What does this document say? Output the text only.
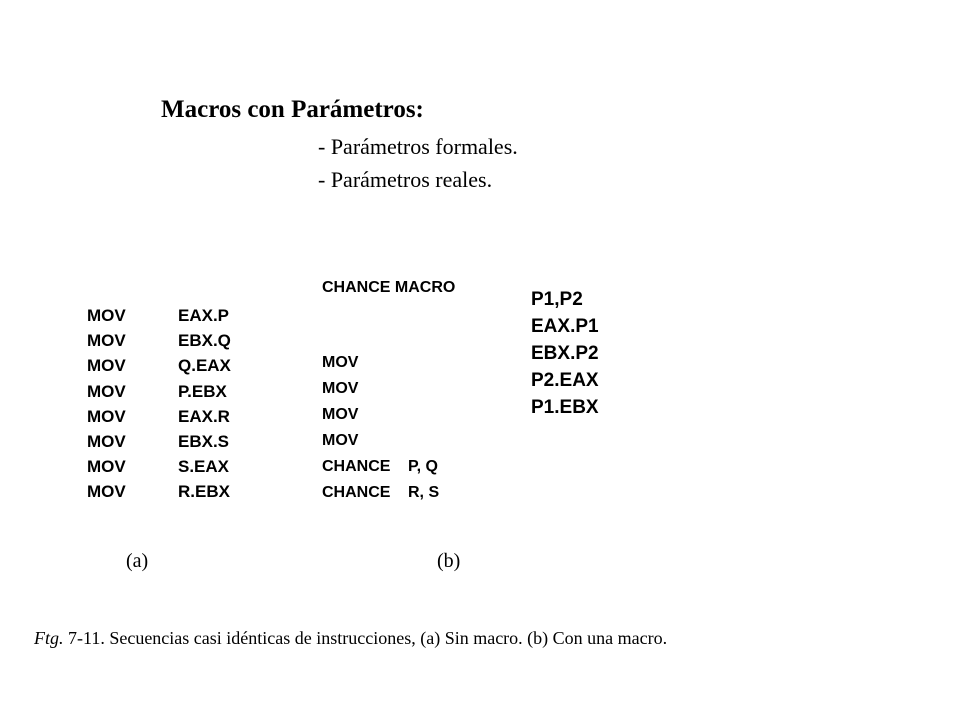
Macros con Parámetros:
- Parámetros formales.
- Parámetros reales.
MOV
MOV
MOV
MOV
MOV
MOV
MOV
MOV
EAX.P
EBX.Q
Q.EAX
P.EBX
EAX.R
EBX.S
S.EAX
R.EBX
CHANCE MACRO
MOV
MOV
MOV
MOV
CHANCE
CHANCE
P, Q
R, S
P1,P2
EAX.P1
EBX.P2
P2.EAX
P1.EBX
(a)	(b)
Ftg. 7-11. Secuencias casi idénticas de instrucciones, (a) Sin macro. (b) Con una macro.
